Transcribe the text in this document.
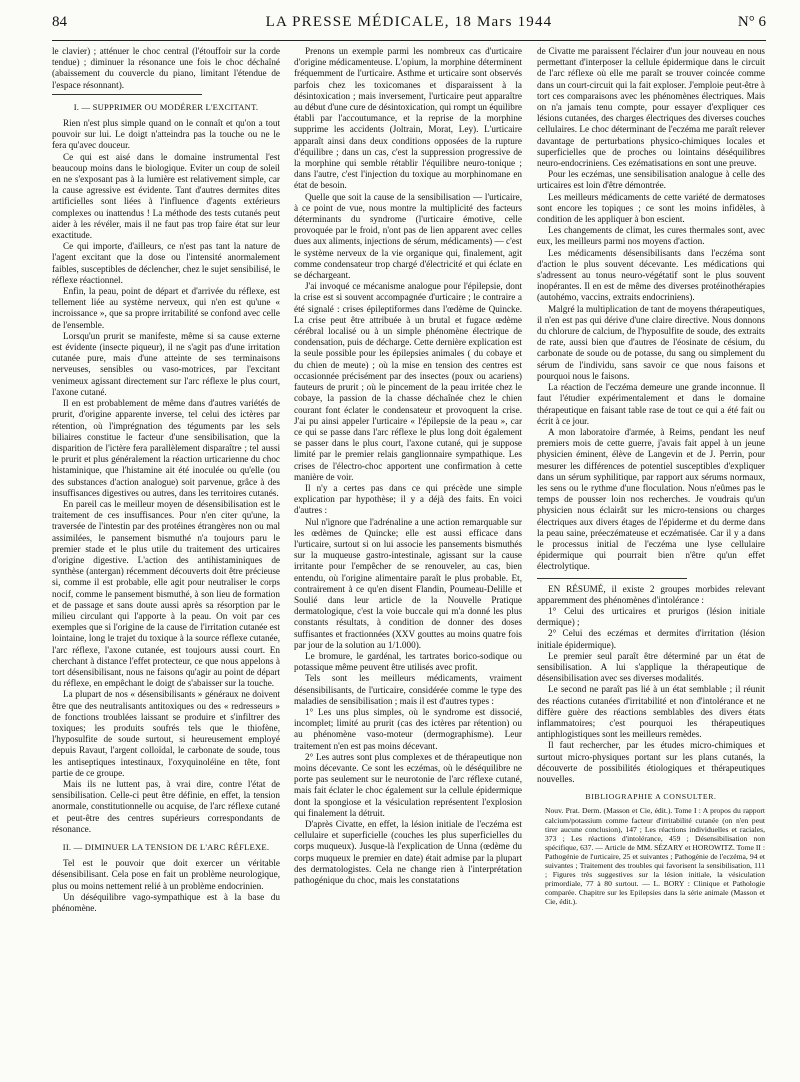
84	LA PRESSE MÉDICALE, 18 Mars 1944	N° 6

le clavier) ; atténuer le choc central (l'étouffoir sur la corde tendue) ; diminuer la résonance une fois le choc déchaîné (abaissement du couvercle du piano, limitant l'étendue de l'espace résonnant).

I. — SUPPRIMER OU MODÉRER L'EXCITANT.

Rien n'est plus simple quand on le connaît et qu'on a tout pouvoir sur lui. Le doigt n'atteindra pas la touche ou ne le fera qu'avec douceur.

Ce qui est aisé dans le domaine instrumental l'est beaucoup moins dans le biologique. Eviter un coup de soleil en ne s'exposant pas à la lumière est relativement simple, car la cause agressive est évidente. Tant d'autres dermites dites artificielles sont liées à l'influence d'agents extérieurs complexes ou inattendus ! La méthode des tests cutanés peut aider à les révéler, mais il ne faut pas trop faire état sur leur exactitude.

Ce qui importe, d'ailleurs, ce n'est pas tant la nature de l'agent excitant que la dose ou l'intensité anormalement faibles, susceptibles de déclencher, chez le sujet sensibilisé, le réflexe réactionnel.

Enfin, la peau, point de départ et d'arrivée du réflexe, est tellement liée au système nerveux, qui n'en est qu'une « incroissance », que sa propre irritabilité se confond avec celle de l'ensemble.

Lorsqu'un prurit se manifeste, même si sa cause externe est évidente (insecte piqueur), il ne s'agit pas d'une irritation cutanée pure, mais d'une atteinte de ses terminaisons nerveuses, sensibles ou vaso-motrices, par l'excitant venimeux agissant directement sur l'arc réflexe le plus court, l'axone cutané.

Il en est probablement de même dans d'autres variétés de prurit, d'origine apparente inverse, tel celui des ictères par rétention, où l'imprégnation des téguments par les sels biliaires constitue le facteur d'une sensibilisation, que la disparition de l'ictère fera parallèlement disparaître ; tel aussi le prurit et plus généralement la réaction urticarienne du choc histaminique, que l'histamine ait été inoculée ou qu'elle (ou des substances d'action analogue) soit parvenue, grâce à des insuffisances digestives ou autres, dans les territoires cutanés.

En pareil cas le meilleur moyen de désensibilisation est le traitement de ces insuffisances. Pour n'en citer qu'une, la traversée de l'intestin par des protéines étrangères non ou mal assimilées, le pansement bismuthé n'a toujours paru le premier stade et le plus utile du traitement des urticaires d'origine digestive. L'action des antihistaminiques de synthèse (antergan) récemment découverts doit être précieuse si, comme il est probable, elle agit pour neutraliser le corps nocif, comme le pansement bismuthé, à son lieu de formation et de passage et sans doute aussi après sa résorption par le milieu circulant qui l'apporte à la peau. On voit par ces exemples que si l'origine de la cause de l'irritation cutanée est lointaine, long le trajet du toxique à la source réflexe cutanée, l'arc réflexe, l'axone cutanée, est toujours aussi court. En cherchant à distance l'effet protecteur, ce que nous appelons à tort désensibilisant, nous ne faisons qu'agir au point de départ du réflexe, en empêchant le doigt de s'abaisser sur la touche.

La plupart de nos « désensibilisants » généraux ne doivent être que des neutralisants antitoxiques ou des « redresseurs » de fonctions troublées laissant se produire et s'infiltrer des toxiques; les produits soufrés tels que le thiofène, l'hyposulfite de soude surtout, si heureusement employé depuis Ravaut, l'argent colloïdal, le carbonate de soude, tous les antiseptiques intestinaux, l'oxyquinoléine en tête, font partie de ce groupe.

Mais ils ne luttent pas, à vrai dire, contre l'état de sensibilisation. Celle-ci peut être définie, en effet, la tension anormale, constitutionnelle ou acquise, de l'arc réflexe cutané et peut-être des centres supérieurs correspondants de résonance.

II. — DIMINUER LA TENSION DE L'ARC RÉFLEXE.

Tel est le pouvoir que doit exercer un véritable désensibilisant. Cela pose en fait un problème neurologique, plus ou moins nettement relié à un problème endocrinien.

Un déséquilibre vago-sympathique est à la base du phénomène.

Prenons un exemple parmi les nombreux cas d'urticaire d'origine médicamenteuse. L'opium, la morphine déterminent fréquemment de l'urticaire. Asthme et urticaire sont observés parfois chez les toxicomanes et disparaissent à la désintoxication ; mais inversement, l'urticaire peut apparaître au début d'une cure de désintoxication, qui rompt un équilibre établi par l'accoutumance, et la reprise de la morphine supprime les accidents (Joltrain, Morat, Ley). L'urticaire apparaît ainsi dans deux conditions opposées de la rupture d'équilibre ; dans un cas, c'est la suppression progressive de la morphine qui semble rétablir l'équilibre neuro-tonique ; dans l'autre, c'est l'injection du toxique au morphinomane en état de besoin.

Quelle que soit la cause de la sensibilisation — l'urticaire, à ce point de vue, nous montre la multiplicité des facteurs déterminants du syndrome (l'urticaire émotive, celle provoquée par le froid, n'ont pas de lien apparent avec celles dues aux aliments, injections de sérum, médicaments) — c'est le système nerveux de la vie organique qui, finalement, agit comme condensateur trop chargé d'électricité et qui éclate en se déchargeant.

J'ai invoqué ce mécanisme analogue pour l'épilepsie, dont la crise est si souvent accompagnée d'urticaire ; le contraire a été signalé : crises épileptiformes dans l'œdème de Quincke. La crise peut être attribuée à un brutal et fugace œdème cérébral localisé ou à un simple phénomène électrique de condensation, puis de décharge. Cette dernière explication est la seule possible pour les épilepsies animales ( du cobaye et du chien de meute) ; où la mise en tension des centres est occasionnée précisément par des insectes (poux ou acariens) fauteurs de prurit ; où le pincement de la peau irritée chez le cobaye, la passion de la chasse déchaînée chez le chien courant font éclater le condensateur et provoquent la crise. J'ai pu ainsi appeler l'urticaire « l'épilepsie de la peau », car ce qui se passe dans l'arc réflexe le plus long doit également se passer dans le plus court, l'axone cutané, qui je suppose limité par le premier relais ganglionnaire sympathique. Les crises de l'électro-choc apportent une confirmation à cette manière de voir.

Il n'y a certes pas dans ce qui précède une simple explication par hypothèse; il y a déjà des faits. En voici d'autres :

Nul n'ignore que l'adrénaline a une action remarquable sur les œdèmes de Quincke; elle est aussi efficace dans l'urticaire, surtout si on lui associe les pansements bismuthés sur la muqueuse gastro-intestinale, agissant sur la cause irritante pour l'empêcher de se renouveler, au cas, bien entendu, où l'origine alimentaire paraît le plus probable. Et, contrairement à ce qu'en disent Flandin, Poumeau-Delille et Soulié dans leur article de la Nouvelle Pratique dermatologique, c'est la voie buccale qui m'a donné les plus constants résultats, à condition de donner des doses suffisantes et fractionnées (XXV gouttes au moins quatre fois par jour de la solution au 1/1.000).

Le bromure, le gardénal, les tartrates borico-sodique ou potassique même peuvent être utilisés avec profit.

Tels sont les meilleurs médicaments, vraiment désensibilisants, de l'urticaire, considérée comme le type des maladies de sensibilisation ; mais il est d'autres types :

1° Les uns plus simples, où le syndrome est dissocié, incomplet; limité au prurit (cas des ictères par rétention) ou au phénomène vaso-moteur (dermographisme). Leur traitement n'en est pas moins décevant.

2° Les autres sont plus complexes et de thérapeutique non moins décevante. Ce sont les eczémas, où le déséquilibre ne porte pas seulement sur le neurotonie de l'arc réflexe cutané, mais fait éclater le choc également sur la cellule épidermique dont la spongiose et la vésiculation représentent l'explosion qui finalement la détruit.

D'après Civatte, en effet, la lésion initiale de l'eczéma est cellulaire et superficielle (couches les plus superficielles du corps muqueux). Jusque-là l'explication de Unna (œdème du corps muqueux le premier en date) était admise par la plupart des dermatologistes. Cela ne change rien à l'interprétation pathogénique du choc, mais les constatations

de Civatte me paraissent l'éclairer d'un jour nouveau en nous permettant d'interposer la cellule épidermique dans le circuit de l'arc réflexe où elle me paraît se trouver coincée comme dans un court-circuit qui la fait exploser. J'emploie peut-être à tort ces comparaisons avec les phénomènes électriques. Mais on n'a jamais tenu compte, pour essayer d'expliquer ces lésions cutanées, des charges électriques des diverses couches cellulaires. Le choc déterminant de l'eczéma me paraît relever davantage de perturbations physico-chimiques locales et superficielles que de proches ou lointains déséquilibres neuro-endocriniens. Ces ezématisations en sont une preuve.

Pour les eczémas, une sensibilisation analogue à celle des urticaires est loin d'être démontrée.

Les meilleurs médicaments de cette variété de dermatoses sont encore les topiques ; ce sont les moins infidèles, à condition de les appliquer à bon escient.

Les changements de climat, les cures thermales sont, avec eux, les meilleurs parmi nos moyens d'action.

Les médicaments désensibilisants dans l'eczéma sont d'action le plus souvent décevante. Les médications qui s'adressent au tonus neuro-végétatif sont le plus souvent inopérantes. Il en est de même des diverses protéinothérapies (autohémo, vaccins, extraits endocriniens).

Malgré la multiplication de tant de moyens thérapeutiques, il n'en est pas qui dérive d'une claire directive. Nous donnons du chlorure de calcium, de l'hyposulfite de soude, des extraits de rate, aussi bien que d'autres de l'éosinate de césium, du carbonate de soude ou de potasse, du sang ou simplement du sérum de l'individu, sans savoir ce que nous faisons et pourquoi nous le faisons.

La réaction de l'eczéma demeure une grande inconnue. Il faut l'étudier expérimentalement et dans le domaine thérapeutique en faisant table rase de tout ce qui a été fait ou écrit à ce jour.

A mon laboratoire d'armée, à Reims, pendant les neuf premiers mois de cette guerre, j'avais fait appel à un jeune physicien éminent, élève de Langevin et de J. Perrin, pour mesurer les différences de potentiel susceptibles d'expliquer dans un sérum syphilitique, par rapport aux sérums normaux, les sens ou le rythme d'une floculation. Nous n'eûmes pas le temps de pousser loin nos recherches. Je voudrais qu'un physicien nous éclairât sur les micro-tensions ou charges électriques aux divers étages de l'épiderme et du derme dans la peau saine, préeczémateuse et eczématisée. Car il y a dans le processus initial de l'eczéma une lyse cellulaire épidermique qui pourrait bien n'être qu'un effet électrolytique.

EN RÉSUMÉ, il existe 2 groupes morbides relevant apparemment des phénomènes d'intolérance :

1° Celui des urticaires et prurigos (lésion initiale dermique) ;

2° Celui des eczémas et dermites d'irritation (lésion initiale épidermique).

Le premier seul paraît être déterminé par un état de sensibilisation. A lui s'applique la thérapeutique de désensibilisation avec ses diverses modalités.

Le second ne paraît pas lié à un état semblable ; il réunit des réactions cutanées d'irritabilité et non d'intolérance et ne diffère guère des réactions semblables des divers états inflammatoires; c'est pourquoi les thérapeutiques antiphlogistiques sont les meilleurs remèdes.

Il faut rechercher, par les études micro-chimiques et surtout micro-physiques portant sur les plans cutanés, la découverte de possibilités étiologiques et thérapeutiques nouvelles.

BIBLIOGRAPHIE A CONSULTER.

Nouv. Prat. Derm. (Masson et Cie, édit.). Tome I : A propos du rapport calcium/potassium comme facteur d'irritabilité cutanée (on n'en peut tirer aucune conclusion), 147 ; Les réactions individuelles et raciales, 373 ; Les réactions d'intolérance, 459 ; Désensibilisation non spécifique, 637. — Article de MM. SÉZARY et HOROWITZ. Tome II : Pathogénie de l'urticaire, 25 et suivantes ; Pathogénie de l'eczéma, 94 et suivantes ; Traitement des troubles qui favorisent la sensibilisation, 111 ; Figures très suggestives sur la lésion initiale, la vésiculation primordiale, 77 à 80 surtout. — L. BORY : Clinique et Pathologie comparée. Chapitre sur les Epilepsies dans la série animale (Masson et Cie, édit.).
